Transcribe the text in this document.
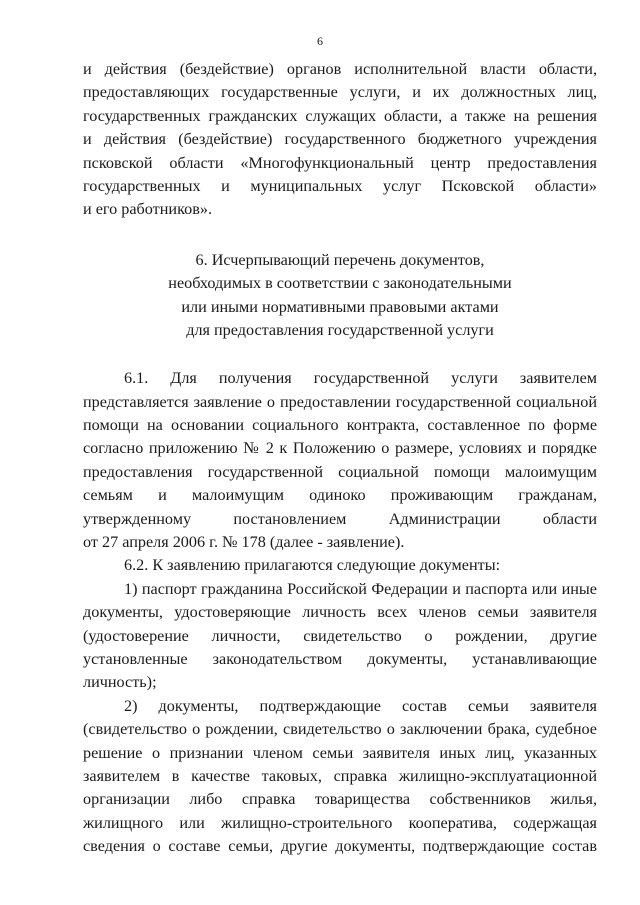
6
и действия (бездействие) органов исполнительной власти области,
предоставляющих государственные услуги, и их должностных лиц,
государственных гражданских служащих области, а также на решения
и действия (бездействие) государственного бюджетного учреждения
псковской области «Многофункциональный центр предоставления
государственных и муниципальных услуг Псковской области»
и его работников».
6. Исчерпывающий перечень документов,
необходимых в соответствии с законодательными
или иными нормативными правовыми актами
для предоставления государственной услуги
6.1. Для получения государственной услуги заявителем
представляется заявление о предоставлении государственной социальной
помощи на основании социального контракта, составленное по форме
согласно приложению № 2 к Положению о размере, условиях и порядке
предоставления государственной социальной помощи малоимущим
семьям и малоимущим одиноко проживающим гражданам,
утвержденному постановлением Администрации области
от 27 апреля 2006 г. № 178 (далее - заявление).
6.2. К заявлению прилагаются следующие документы:
1) паспорт гражданина Российской Федерации и паспорта или иные
документы, удостоверяющие личность всех членов семьи заявителя
(удостоверение личности, свидетельство о рождении, другие
установленные законодательством документы, устанавливающие
личность);
2) документы, подтверждающие состав семьи заявителя
(свидетельство о рождении, свидетельство о заключении брака, судебное
решение о признании членом семьи заявителя иных лиц, указанных
заявителем в качестве таковых, справка жилищно-эксплуатационной
организации либо справка товарищества собственников жилья,
жилищного или жилищно-строительного кооператива, содержащая
сведения о составе семьи, другие документы, подтверждающие состав
